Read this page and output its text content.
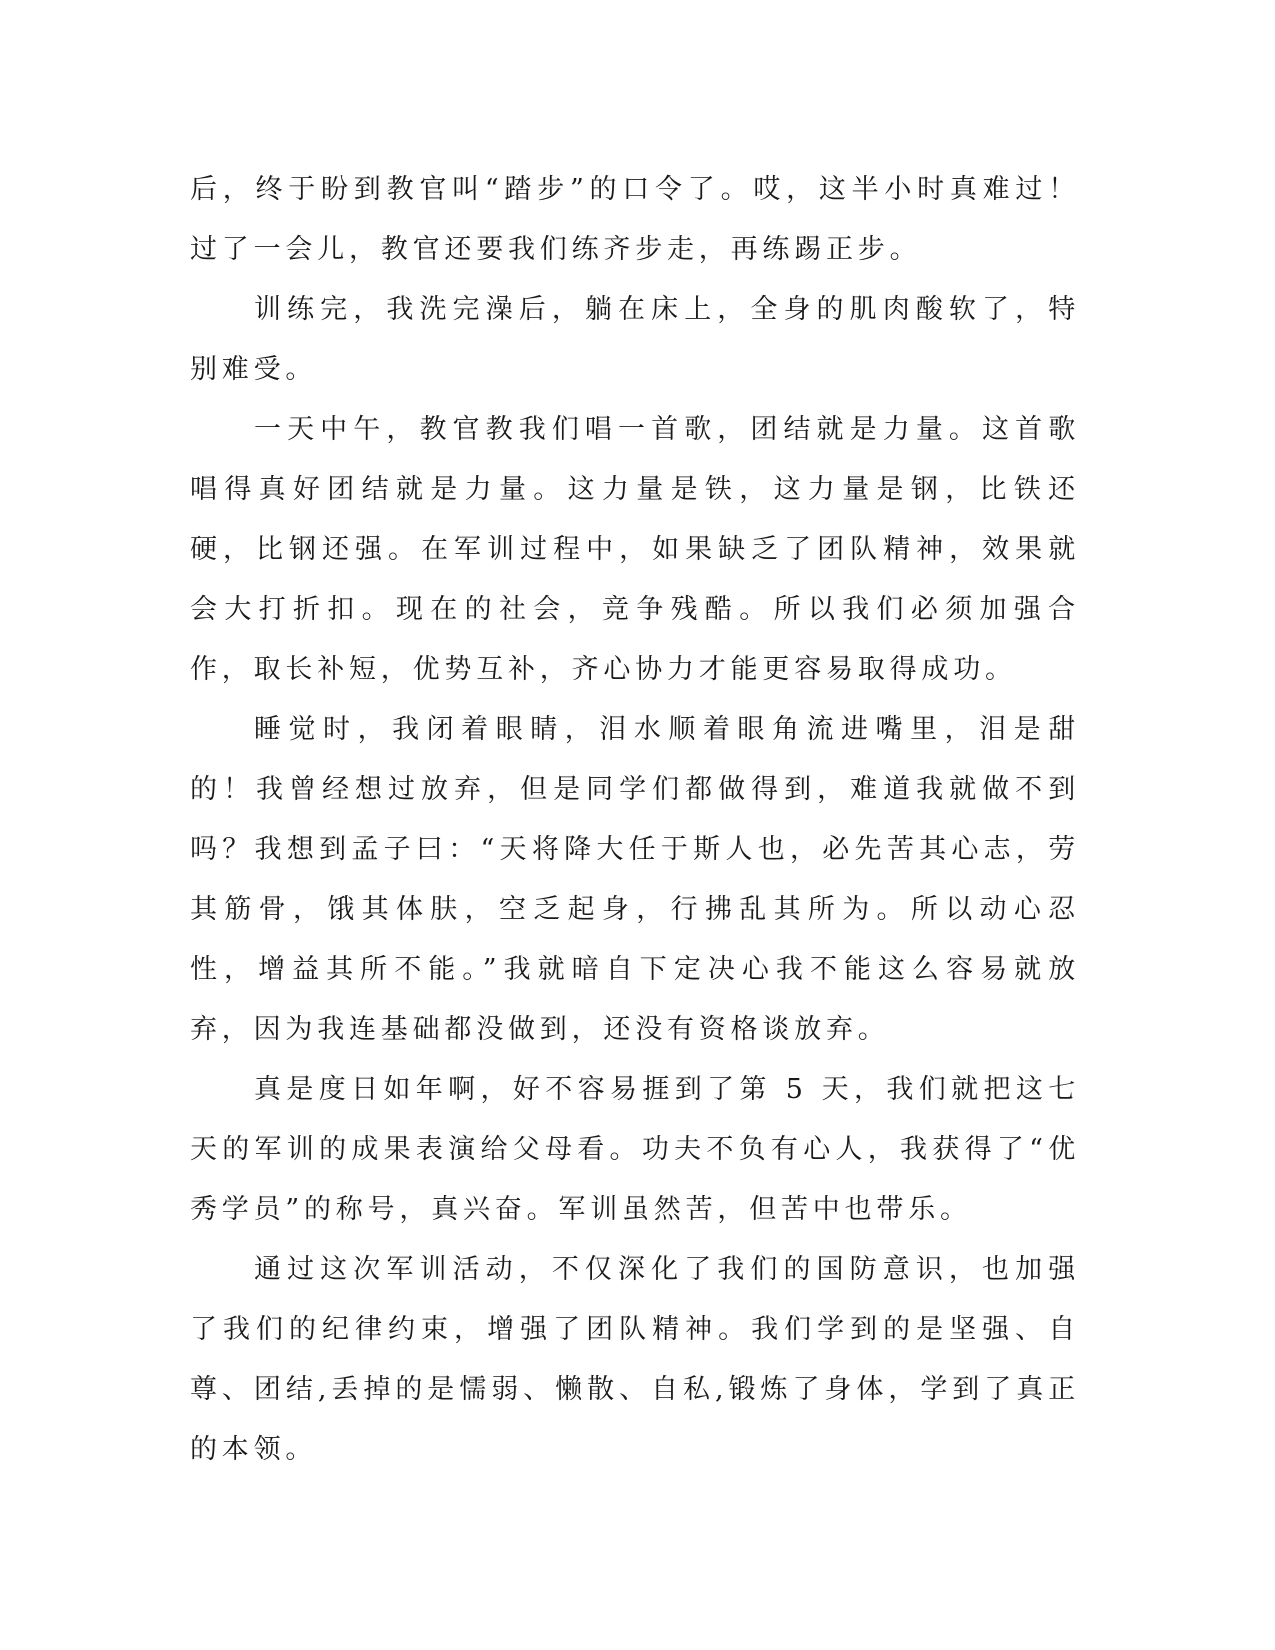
后，终于盼到教官叫“踏步”的口令了。哎，这半小时真难过！过了一会儿，教官还要我们练齐步走，再练踢正步。

训练完，我洗完澡后，躺在床上，全身的肌肉酸软了，特别难受。

一天中午，教官教我们唱一首歌，团结就是力量。这首歌唱得真好团结就是力量。这力量是铁，这力量是钢，比铁还硬，比钢还强。在军训过程中，如果缺乏了团队精神，效果就会大打折扣。现在的社会，竞争残酷。所以我们必须加强合作，取长补短，优势互补，齐心协力才能更容易取得成功。

睡觉时，我闭着眼睛，泪水顺着眼角流进嘴里，泪是甜的！我曾经想过放弃，但是同学们都做得到，难道我就做不到吗？我想到孟子曰：“天将降大任于斯人也，必先苦其心志，劳其筋骨，饿其体肤，空乏起身，行拂乱其所为。所以动心忍性，增益其所不能。”我就暗自下定决心我不能这么容易就放弃，因为我连基础都没做到，还没有资格谈放弃。

真是度日如年啊，好不容易捱到了第 5 天，我们就把这七天的军训的成果表演给父母看。功夫不负有心人，我获得了“优秀学员”的称号，真兴奋。军训虽然苦，但苦中也带乐。

通过这次军训活动，不仅深化了我们的国防意识，也加强了我们的纪律约束，增强了团队精神。我们学到的是坚强、自尊、团结,丢掉的是懦弱、懒散、自私,锻炼了身体，学到了真正的本领。
